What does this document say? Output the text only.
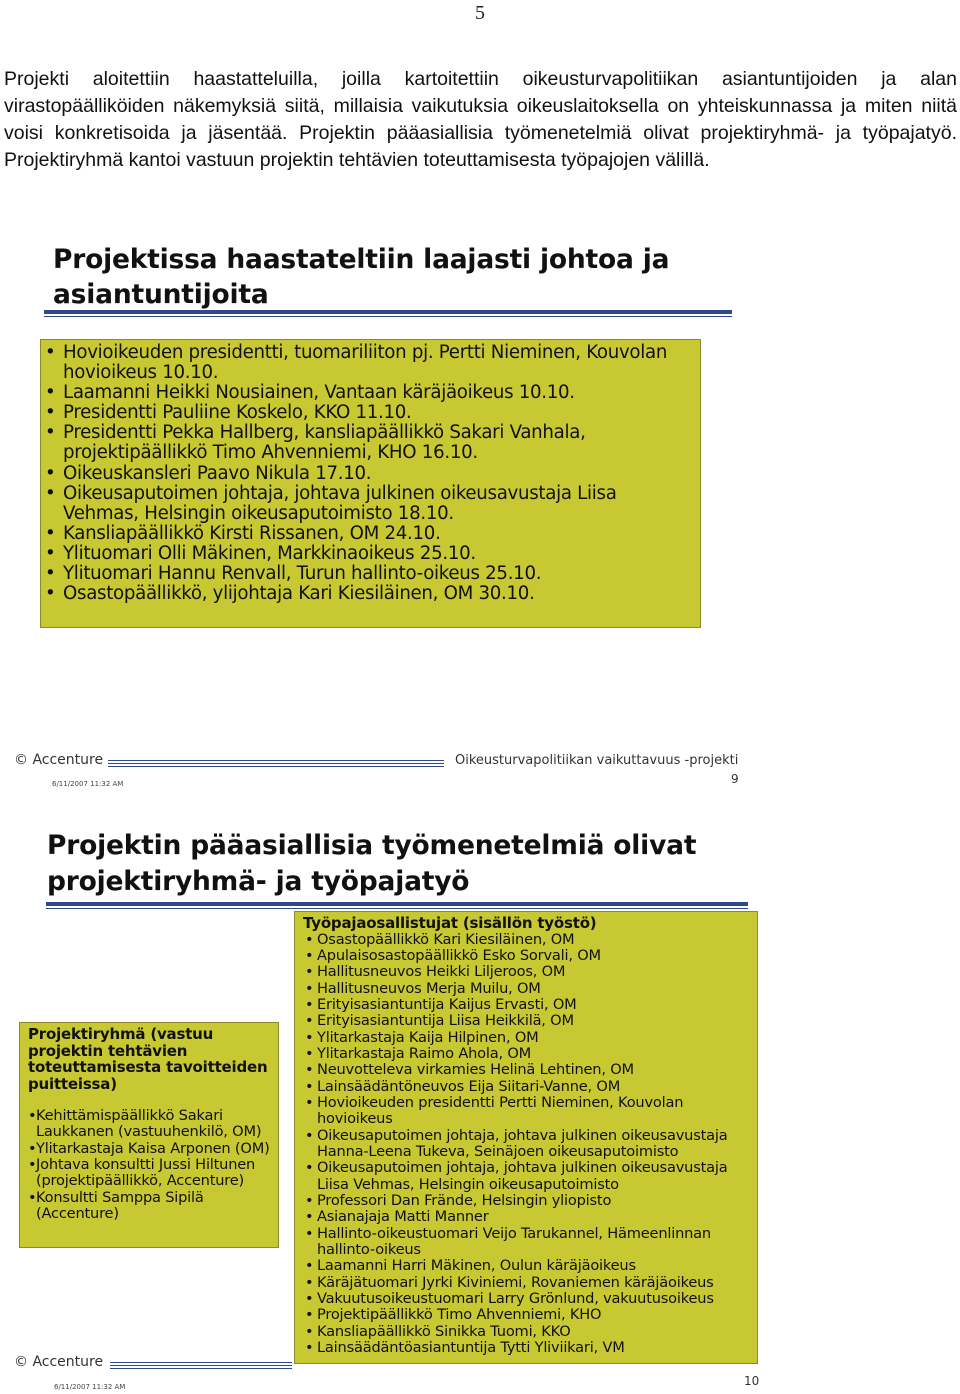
5

Projekti aloitettiin haastatteluilla, joilla kartoitettiin oikeusturvapolitiikan asiantuntijoiden ja alan virastopäälliköiden näkemyksiä siitä, millaisia vaikutuksia oikeuslaitoksella on yhteiskunnassa ja miten niitä voisi konkretisoida ja jäsentää. Projektin pääasiallisia työmenetelmiä olivat projektiryhmä- ja työpajatyö. Projektiryhmä kantoi vastuun projektin tehtävien toteuttamisesta työpajojen välillä.

Projektissa haastateltiin laajasti johtoa ja
asiantuntijoita
• Hovioikeuden presidentti, tuomariliiton pj. Pertti Nieminen, Kouvolan hovioikeus 10.10.
• Laamanni Heikki Nousiainen, Vantaan käräjäoikeus 10.10.
• Presidentti Pauliine Koskelo, KKO 11.10.
• Presidentti Pekka Hallberg, kansliapäällikkö Sakari Vanhala, projektipäällikkö Timo Ahvenniemi, KHO 16.10.
• Oikeuskansleri Paavo Nikula 17.10.
• Oikeusaputoimen johtaja, johtava julkinen oikeusavustaja Liisa Vehmas, Helsingin oikeusaputoimisto 18.10.
• Kansliapäällikkö Kirsti Rissanen, OM 24.10.
• Ylituomari Olli Mäkinen, Markkinaoikeus 25.10.
• Ylituomari Hannu Renvall, Turun hallinto-oikeus 25.10.
• Osastopäällikkö, ylijohtaja Kari Kiesiläinen, OM 30.10.
© Accenture	Oikeusturvapolitiikan vaikuttavuus -projekti
6/11/2007 11:32 AM	9
Projektin pääasiallisia työmenetelmiä olivat
projektiryhmä- ja työpajatyö
Projektiryhmä (vastuu projektin tehtävien toteuttamisesta tavoitteiden puitteissa)
• Kehittämispäällikkö Sakari Laukkanen (vastuuhenkilö, OM)
• Ylitarkastaja Kaisa Arponen (OM)
• Johtava konsultti Jussi Hiltunen (projektipäällikkö, Accenture)
• Konsultti Samppa Sipilä (Accenture)
Työpajaosallistujat (sisällön työstö)
• Osastopäällikkö Kari Kiesiläinen, OM
• Apulaisosastopäällikkö Esko Sorvali, OM
• Hallitusneuvos Heikki Liljeroos, OM
• Hallitusneuvos Merja Muilu, OM
• Erityisasiantuntija Kaijus Ervasti, OM
• Erityisasiantuntija Liisa Heikkilä, OM
• Ylitarkastaja Kaija Hilpinen, OM
• Ylitarkastaja Raimo Ahola, OM
• Neuvotteleva virkamies Helinä Lehtinen, OM
• Lainsäädäntöneuvos Eija Siitari-Vanne, OM
• Hovioikeuden presidentti Pertti Nieminen, Kouvolan hovioikeus
• Oikeusaputoimen johtaja, johtava julkinen oikeusavustaja Hanna-Leena Tukeva, Seinäjoen oikeusaputoimisto
• Oikeusaputoimen johtaja, johtava julkinen oikeusavustaja Liisa Vehmas, Helsingin oikeusaputoimisto
• Professori Dan Frände, Helsingin yliopisto
• Asianajaja Matti Manner
• Hallinto-oikeustuomari Veijo Tarukannel, Hämeenlinnan hallinto-oikeus
• Laamanni Harri Mäkinen, Oulun käräjäoikeus
• Käräjätuomari Jyrki Kiviniemi, Rovaniemen käräjäoikeus
• Vakuutusoikeustuomari Larry Grönlund, vakuutusoikeus
• Projektipäällikkö Timo Ahvenniemi, KHO
• Kansliapäällikkö Sinikka Tuomi, KKO
• Lainsäädäntöasiantuntija Tytti Yliviikari, VM
© Accenture
6/11/2007 11:32 AM	10
